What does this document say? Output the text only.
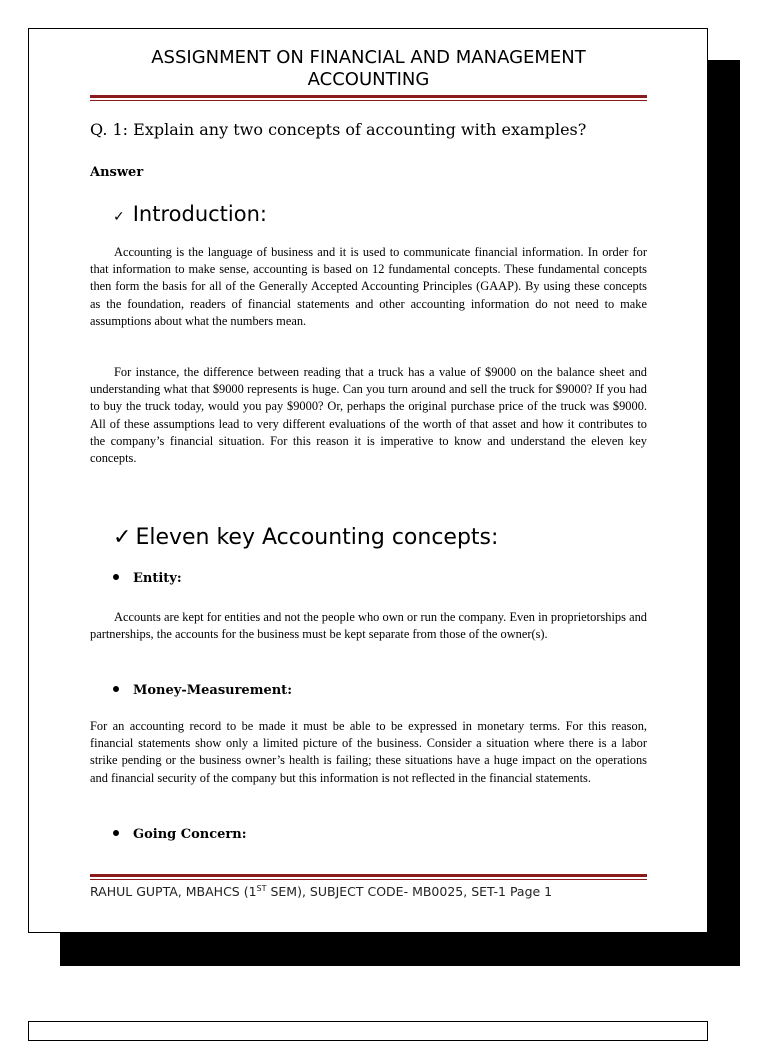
ASSIGNMENT ON FINANCIAL AND MANAGEMENT ACCOUNTING
Q. 1: Explain any two concepts of accounting with examples?
Answer
✓ Introduction:
Accounting is the language of business and it is used to communicate financial information. In order for that information to make sense, accounting is based on 12 fundamental concepts. These fundamental concepts then form the basis for all of the Generally Accepted Accounting Principles (GAAP). By using these concepts as the foundation, readers of financial statements and other accounting information do not need to make assumptions about what the numbers mean.
For instance, the difference between reading that a truck has a value of $9000 on the balance sheet and understanding what that $9000 represents is huge. Can you turn around and sell the truck for $9000? If you had to buy the truck today, would you pay $9000? Or, perhaps the original purchase price of the truck was $9000. All of these assumptions lead to very different evaluations of the worth of that asset and how it contributes to the company’s financial situation. For this reason it is imperative to know and understand the eleven key concepts.
✓ Eleven key Accounting concepts:
Entity:
Accounts are kept for entities and not the people who own or run the company. Even in proprietorships and partnerships, the accounts for the business must be kept separate from those of the owner(s).
Money-Measurement:
For an accounting record to be made it must be able to be expressed in monetary terms. For this reason, financial statements show only a limited picture of the business. Consider a situation where there is a labor strike pending or the business owner’s health is failing; these situations have a huge impact on the operations and financial security of the company but this information is not reflected in the financial statements.
Going Concern:
RAHUL GUPTA, MBAHCS (1ST SEM), SUBJECT CODE- MB0025, SET-1 Page 1
